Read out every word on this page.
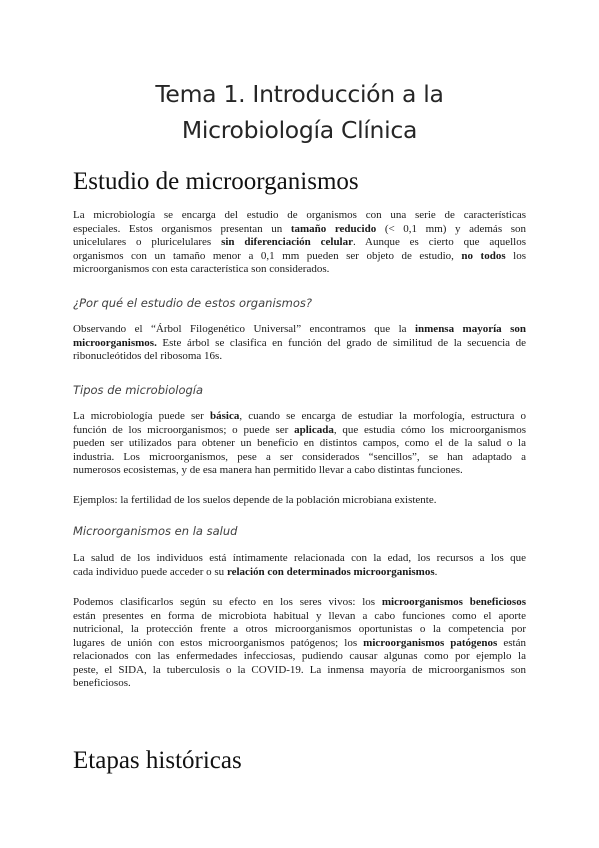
Tema 1. Introducción a la
Microbiología Clínica
Estudio de microorganismos
La microbiología se encarga del estudio de organismos con una serie de características
especiales. Estos organismos presentan un tamaño reducido (< 0,1 mm) y además son
unicelulares o pluricelulares sin diferenciación celular. Aunque es cierto que aquellos
organismos con un tamaño menor a 0,1 mm pueden ser objeto de estudio, no todos los
microorganismos con esta característica son considerados.
¿Por qué el estudio de estos organismos?
Observando el “Árbol Filogenético Universal” encontramos que la inmensa mayoría son
microorganismos. Este árbol se clasifica en función del grado de similitud de la secuencia de
ribonucleótidos del ribosoma 16s.
Tipos de microbiología
La microbiología puede ser básica, cuando se encarga de estudiar la morfología, estructura o
función de los microorganismos; o puede ser aplicada, que estudia cómo los microorganismos
pueden ser utilizados para obtener un beneficio en distintos campos, como el de la salud o la
industria. Los microorganismos, pese a ser considerados “sencillos”, se han adaptado a
numerosos ecosistemas, y de esa manera han permitido llevar a cabo distintas funciones.
Ejemplos: la fertilidad de los suelos depende de la población microbiana existente.
Microorganismos en la salud
La salud de los individuos está íntimamente relacionada con la edad, los recursos a los que
cada individuo puede acceder o su relación con determinados microorganismos.
Podemos clasificarlos según su efecto en los seres vivos: los microorganismos beneficiosos
están presentes en forma de microbiota habitual y llevan a cabo funciones como el aporte
nutricional, la protección frente a otros microorganismos oportunistas o la competencia por
lugares de unión con estos microorganismos patógenos; los microorganismos patógenos están
relacionados con las enfermedades infecciosas, pudiendo causar algunas como por ejemplo la
peste, el SIDA, la tuberculosis o la COVID-19. La inmensa mayoría de microorganismos son
beneficiosos.
Etapas históricas
